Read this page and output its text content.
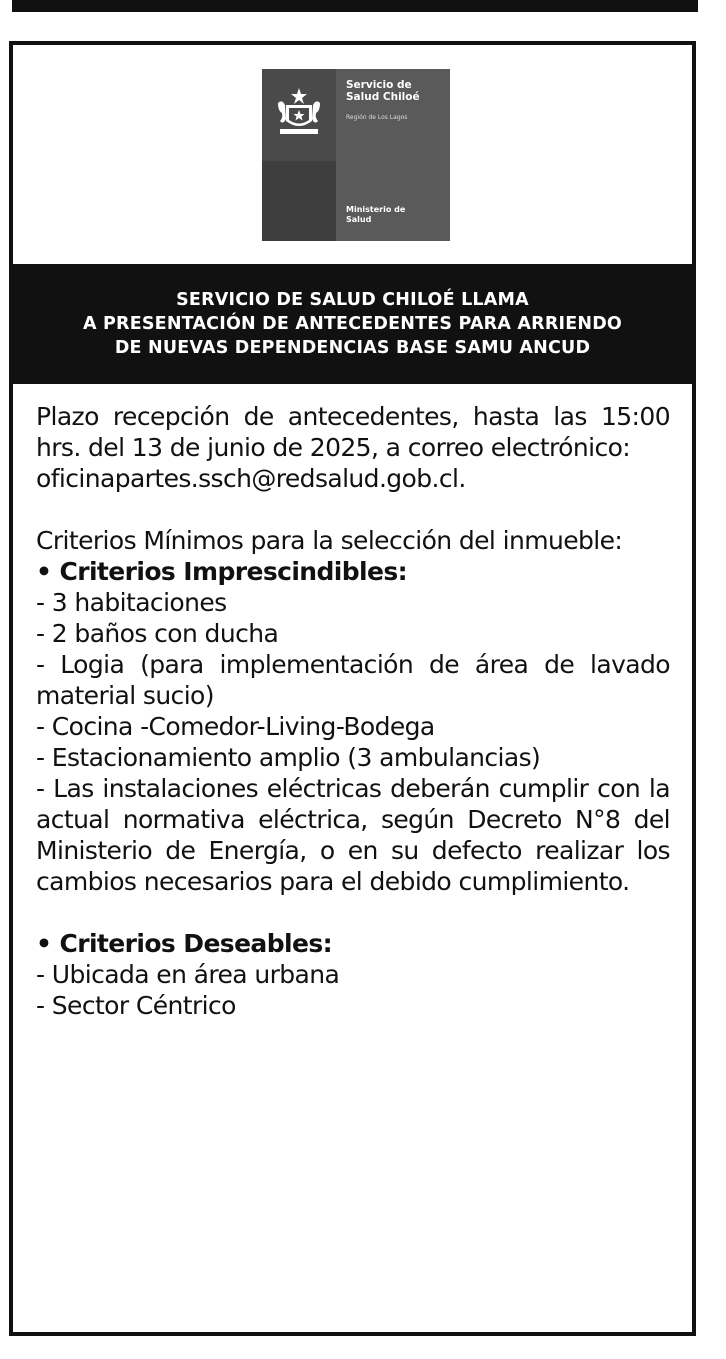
Servicio de
Salud Chiloé
Región de Los Lagos
Ministerio de
Salud
SERVICIO DE SALUD CHILOÉ LLAMA
A PRESENTACIÓN DE ANTECEDENTES PARA ARRIENDO
DE NUEVAS DEPENDENCIAS BASE SAMU ANCUD

Plazo recepción de antecedentes, hasta las 15:00 hrs. del 13 de junio de 2025, a correo electrónico:

oficinapartes.ssch@redsalud.gob.cl.

Criterios Mínimos para la selección del inmueble:

• Criterios Imprescindibles:

- 3 habitaciones

- 2 baños con ducha

- Logia (para implementación de área de lavado material sucio)

- Cocina -Comedor-Living-Bodega

- Estacionamiento amplio (3 ambulancias)

- Las instalaciones eléctricas deberán cumplir con la actual normativa eléctrica, según Decreto N°8 del Ministerio de Energía, o en su defecto realizar los cambios necesarios para el debido cumplimiento.

• Criterios Deseables:

- Ubicada en área urbana

- Sector Céntrico
